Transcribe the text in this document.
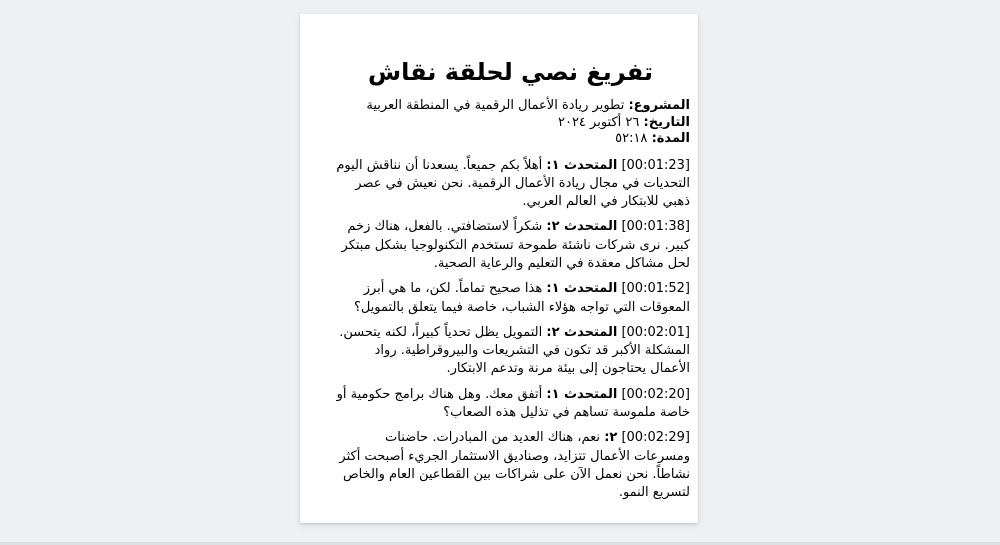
تفريغ نصي لحلقة نقاش
المشروع: تطوير ريادة الأعمال الرقمية في المنطقة العربية
التاريخ: ٢٦ أكتوبر ٢٠٢٤
المدة: ٥٢:١٨

[00:01:23] المتحدث ١: أهلاً بكم جميعاً. يسعدنا أن نناقش اليوم التحديات في مجال ريادة الأعمال الرقمية. نحن نعيش في عصر ذهبي للابتكار في العالم العربي.

[00:01:38] المتحدث ٢: شكراً لاستضافتي. بالفعل، هناك زخم كبير. نرى شركات ناشئة طموحة تستخدم التكنولوجيا بشكل مبتكر لحل مشاكل معقدة في التعليم والرعاية الصحية.

[00:01:52] المتحدث ١: هذا صحيح تماماً. لكن، ما هي أبرز المعوقات التي تواجه هؤلاء الشباب، خاصة فيما يتعلق بالتمويل؟

[00:02:01] المتحدث ٢: التمويل يظل تحدياً كبيراً، لكنه يتحسن. المشكلة الأكبر قد تكون في التشريعات والبيروقراطية. رواد الأعمال يحتاجون إلى بيئة مرنة وتدعم الابتكار.

[00:02:20] المتحدث ١: أتفق معك. وهل هناك برامج حكومية أو خاصة ملموسة تساهم في تذليل هذه الصعاب؟

[00:02:29] ٢: نعم، هناك العديد من المبادرات. حاضنات ومسرعات الأعمال تتزايد، وصناديق الاستثمار الجريء أصبحت أكثر نشاطاً. نحن نعمل الآن على شراكات بين القطاعين العام والخاص لتسريع النمو.
